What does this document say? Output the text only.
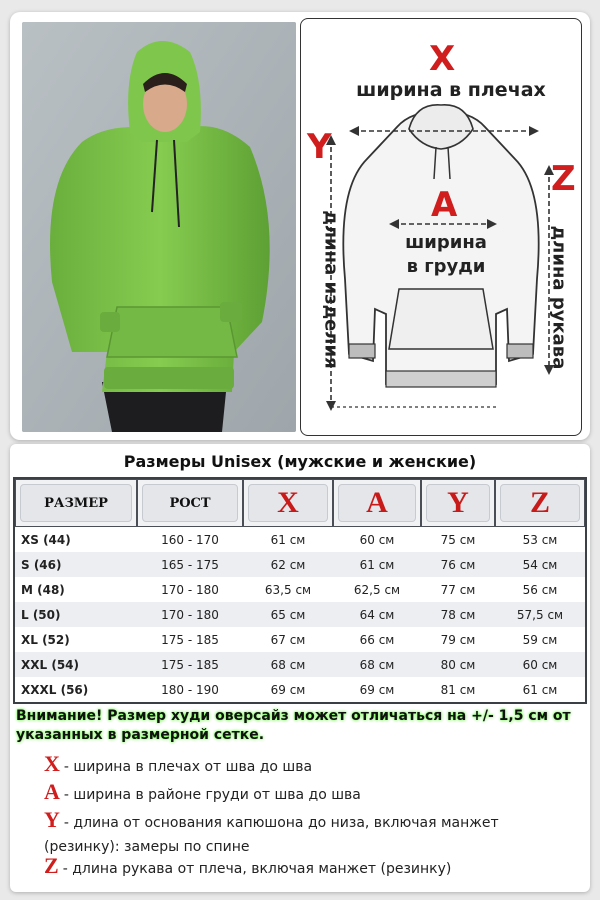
X
ширина в плечах
Y
длина изделия
A
ширина
в груди
Z
длина рукава
Размеры Unisex (мужские и женские)
РАЗМЕР	РОСТ	X	A	Y	Z

XS (44)	160 - 170	61 см	60 см	75 см	53 см
S (46)	165 - 175	62 см	61 см	76 см	54 см
M (48)	170 - 180	63,5 см	62,5 см	77 см	56 см
L (50)	170 - 180	65 см	64 см	78 см	57,5 см
XL (52)	175 - 185	67 см	66 см	79 см	59 см
XXL (54)	175 - 185	68 см	68 см	80 см	60 см
XXXL (56)	180 - 190	69 см	69 см	81 см	61 см
Внимание! Размер худи оверсайз может отличаться на +/- 1,5 см от указанных в размерной сетке.
X - ширина в плечах от шва до шва
A - ширина в районе груди от шва до шва
Y - длина от основания капюшона до низа, включая манжет (резинку): замеры по спине
Z - длина рукава от плеча, включая манжет (резинку)
